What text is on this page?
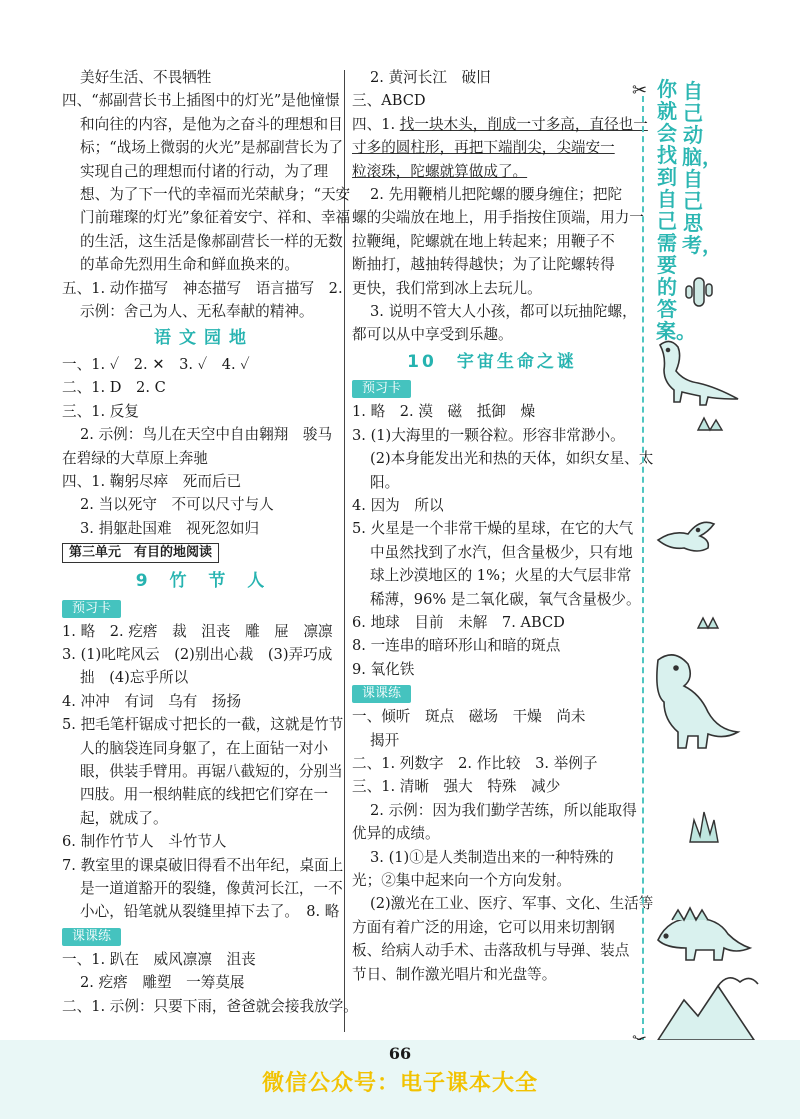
美好生活、不畏牺牲
四、“郝副营长书上插图中的灯光”是他憧憬
和向往的内容，是他为之奋斗的理想和目
标；“战场上微弱的火光”是郝副营长为了
实现自己的理想而付诸的行动，为了理
想、为了下一代的幸福而光荣献身；“天安
门前璀璨的灯光”象征着安宁、祥和、幸福
的生活，这生活是像郝副营长一样的无数
的革命先烈用生命和鲜血换来的。
五、1. 动作描写　神态描写　语言描写　2.
示例：舍己为人、无私奉献的精神。
语文园地
一、1. ✓　2. ✕　3. ✓　4. ✓
二、1. D　2. C
三、1. 反复
2. 示例：鸟儿在天空中自由翱翔　骏马
在碧绿的大草原上奔驰
四、1. 鞠躬尽瘁　死而后已
2. 当以死守　不可以尺寸与人
3. 捐躯赴国难　视死忽如归
第三单元　有目的地阅读
9 竹 节 人
预习卡
1. 略　2. 疙瘩　裁　沮丧　雕　屉　凛凛
3. (1)叱咤风云　(2)别出心裁　(3)弄巧成
拙　(4)忘乎所以
4. 冲冲　有词　乌有　扬扬
5. 把毛笔杆锯成寸把长的一截，这就是竹节
人的脑袋连同身躯了，在上面钻一对小
眼，供装手臂用。再锯八截短的，分别当
四肢。用一根纳鞋底的线把它们穿在一
起，就成了。
6. 制作竹节人　斗竹节人
7. 教室里的课桌破旧得看不出年纪，桌面上
是一道道豁开的裂缝，像黄河长江，一不
小心，铅笔就从裂缝里掉下去了。　8. 略
课课练
一、1. 趴在　威风凛凛　沮丧
2. 疙瘩　雕塑　一筹莫展
二、1. 示例：只要下雨，爸爸就会接我放学。
2. 黄河长江　破旧
三、ABCD
四、1. 找一块木头，削成一寸多高，直径也一
寸多的圆柱形，再把下端削尖，尖端安一
粒滚珠，陀螺就算做成了。
2. 先用鞭梢儿把陀螺的腰身缠住；把陀
螺的尖端放在地上，用手指按住顶端，用力一
拉鞭绳，陀螺就在地上转起来；用鞭子不
断抽打，越抽转得越快；为了让陀螺转得
更快，我们常到冰上去玩儿。
3. 说明不管大人小孩，都可以玩抽陀螺，
都可以从中享受到乐趣。
10　宇宙生命之谜
预习卡
1. 略　2. 漠　磁　抵御　燥
3. (1)大海里的一颗谷粒。形容非常渺小。
(2)本身能发出光和热的天体，如织女星、太
阳。
4. 因为　所以
5. 火星是一个非常干燥的星球，在它的大气
中虽然找到了水汽，但含量极少，只有地
球上沙漠地区的 1%；火星的大气层非常
稀薄，96% 是二氧化碳，氧气含量极少。
6. 地球　目前　未解　7. ABCD
8. 一连串的暗环形山和暗的斑点
9. 氧化铁
课课练
一、倾听　斑点　磁场　干燥　尚未
揭开
二、1. 列数字　2. 作比较　3. 举例子
三、1. 清晰　强大　特殊　减少
2. 示例：因为我们勤学苦练，所以能取得
优异的成绩。
3. (1)①是人类制造出来的一种特殊的
光；②集中起来向一个方向发射。
(2)激光在工业、医疗、军事、文化、生活等
方面有着广泛的用途，它可以用来切割钢
板、给病人动手术、击落敌机与导弹、装点
节日、制作激光唱片和光盘等。
✂ 你就会找到自己需要的答案。
自己动脑，自己思考，
66
微信公众号：电子课本大全
